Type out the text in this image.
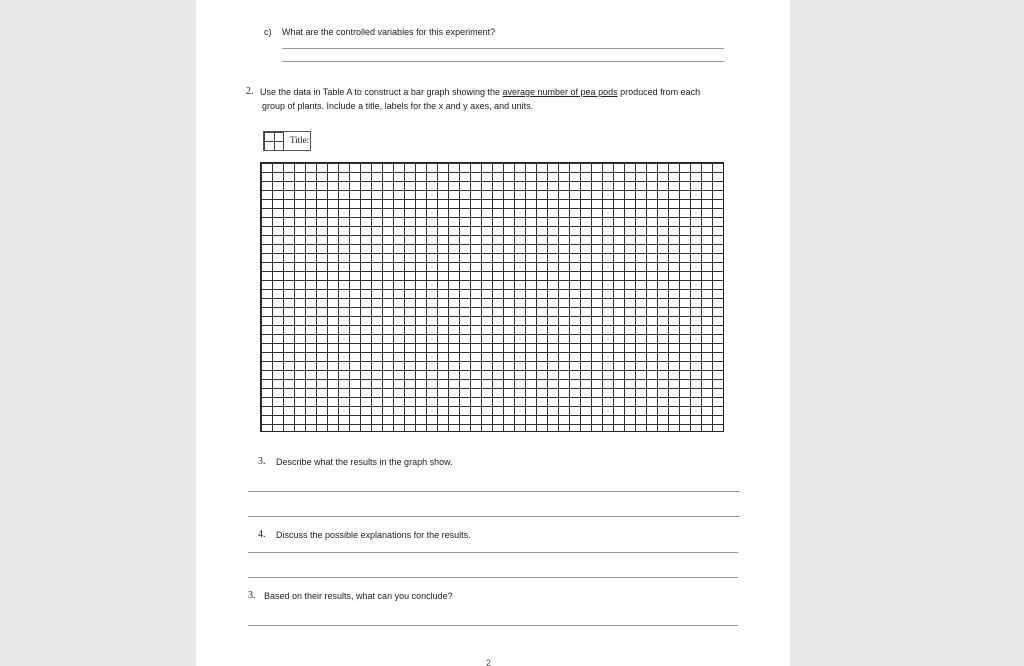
c) What are the controlled variables for this experiment?
2. Use the data in Table A to construct a bar graph showing the average number of pea pods produced from each
group of plants. Include a title, labels for the x and y axes, and units.
Title:
3. Describe what the results in the graph show.
4. Discuss the possible explanations for the results.
3. Based on their results, what can you conclude?
2
